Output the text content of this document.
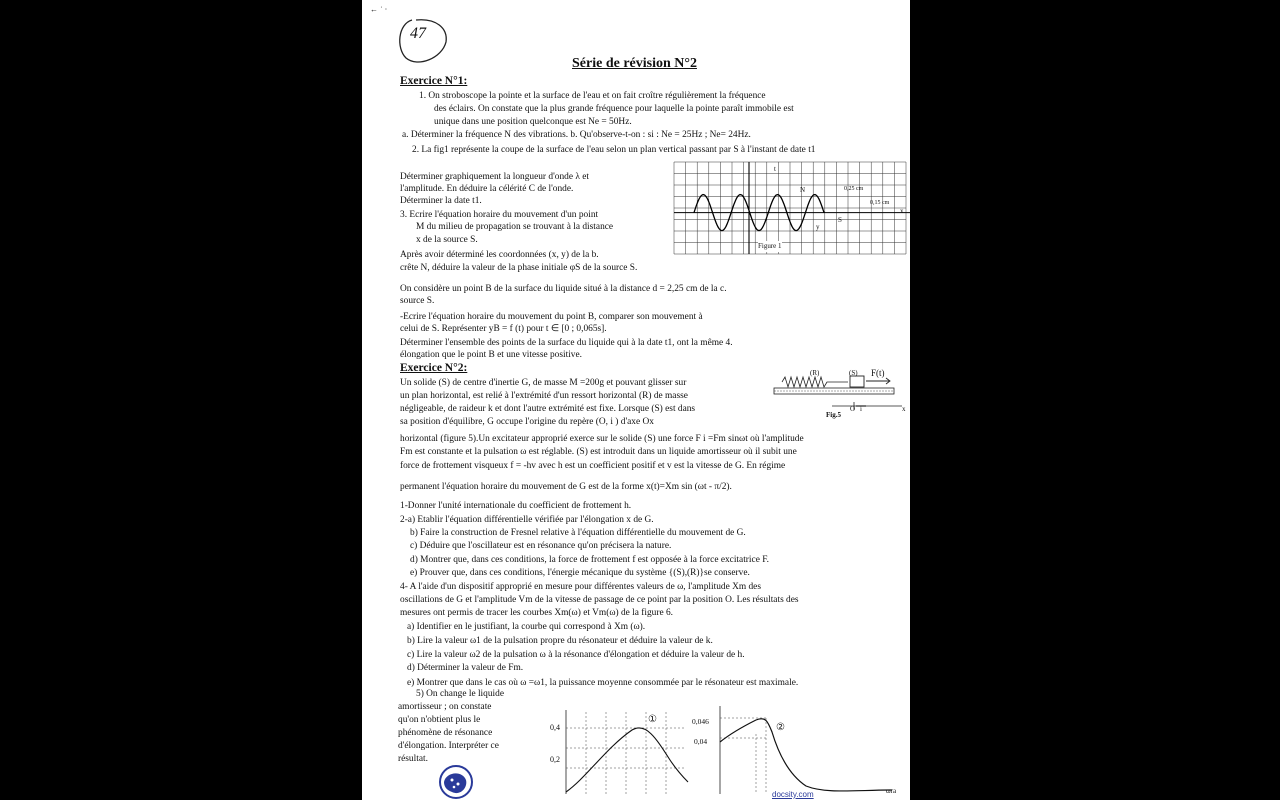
← ˙ ·
47
Série de révision N°2
Exercice N°1:
1. On stroboscope la pointe et la surface de l'eau et on fait croître régulièrement la fréquence
des éclairs. On constate que la plus grande fréquence pour laquelle la pointe paraît immobile est
unique dans une position quelconque est Ne = 50Hz.
a. Déterminer la fréquence N des vibrations. b. Qu'observe-t-on : si : Ne = 25Hz ; Ne= 24Hz.
2. La fig1 représente la coupe de la surface de l'eau selon un plan vertical passant par S à l'instant de date t1
Déterminer graphiquement la longueur d'onde λ et
l'amplitude. En déduire la célérité C de l'onde.
Déterminer la date t1.
3. Ecrire l'équation horaire du mouvement d'un point
M du milieu de propagation se trouvant à la distance
x de la source S.
Après avoir déterminé les coordonnées (x, y) de la b.
crête N, déduire la valeur de la phase initiale φS de la source S.
Figure 1
N	0,25 cm
0,15 cm
S
y
x
t
On considère un point B de la surface du liquide situé à la distance d = 2,25 cm de la c.
source S.
-Ecrire l'équation horaire du mouvement du point B, comparer son mouvement à
celui de S. Représenter yB = f (t) pour t ∈ [0 ; 0,065s].
Déterminer l'ensemble des points de la surface du liquide qui à la date t1, ont la même 4.
élongation que le point B et une vitesse positive.
Exercice N°2:
Un solide (S) de centre d'inertie G, de masse M =200g et pouvant glisser sur
un plan horizontal, est relié à l'extrémité d'un ressort horizontal (R) de masse
négligeable, de raideur k et dont l'autre extrémité est fixe. Lorsque (S) est dans
sa position d'équilibre, G occupe l'origine du repère (O, i ) d'axe Ox
horizontal (figure 5).Un excitateur approprié exerce sur le solide (S) une force F i =Fm sinωt où l'amplitude
Fm est constante et la pulsation ω est réglable. (S) est introduit dans un liquide amortisseur où il subit une
force de frottement visqueux f = -hv avec h est un coefficient positif et v est la vitesse de G. En régime
permanent l'équation horaire du mouvement de G est de la forme x(t)=Xm sin (ωt - π/2).
(R)	(S) F(t)
Fig.5
O i	x
1-Donner l'unité internationale du coefficient de frottement h.
2-a) Etablir l'équation différentielle vérifiée par l'élongation x de G.
b) Faire la construction de Fresnel relative à l'équation différentielle du mouvement de G.
c) Déduire que l'oscillateur est en résonance qu'on précisera la nature.
d) Montrer que, dans ces conditions, la force de frottement f est opposée à la force excitatrice F.
e) Prouver que, dans ces conditions, l'énergie mécanique du système {(S),(R)}se conserve.
4- A l'aide d'un dispositif approprié en mesure pour différentes valeurs de ω, l'amplitude Xm des
oscillations de G et l'amplitude Vm de la vitesse de passage de ce point par la position O. Les résultats des
mesures ont permis de tracer les courbes Xm(ω) et Vm(ω) de la figure 6.
a) Identifier en le justifiant, la courbe qui correspond à Xm (ω).
b) Lire la valeur ω1 de la pulsation propre du résonateur et déduire la valeur de k.
c) Lire la valeur ω2 de la pulsation ω à la résonance d'élongation et déduire la valeur de h.
d) Déterminer la valeur de Fm.
e) Montrer que dans le cas où ω =ω1, la puissance moyenne consommée par le résonateur est maximale.
5) On change le liquide
amortisseur ; on constate
qu'on n'obtient plus le
phénomène de résonance
d'élongation. Interpréter ce
résultat.
0,4
0,2
①	0,046
0,04
②
docsity.com	ωra
